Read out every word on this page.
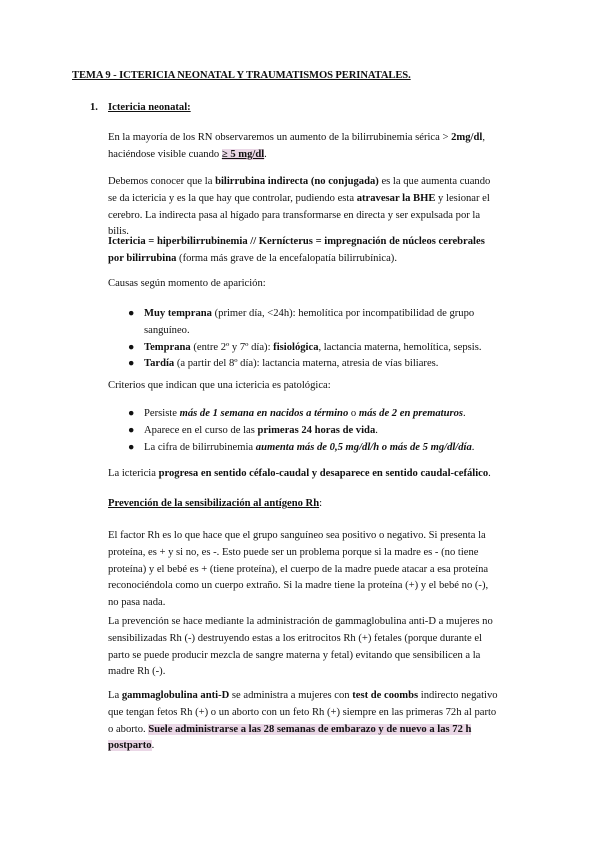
TEMA 9 - ICTERICIA NEONATAL Y TRAUMATISMOS PERINATALES.
1. Ictericia neonatal:

En la mayoría de los RN observaremos un aumento de la bilirrubinemia sérica > 2mg/dl, haciéndose visible cuando ≥ 5 mg/dl.

Debemos conocer que la bilirrubina indirecta (no conjugada) es la que aumenta cuando se da ictericia y es la que hay que controlar, pudiendo esta atravesar la BHE y lesionar el cerebro. La indirecta pasa al hígado para transformarse en directa y ser expulsada por la bilis.

Ictericia = hiperbilirrubinemia // Kernícterus = impregnación de núcleos cerebrales por bilirrubina (forma más grave de la encefalopatía bilirrubínica).

Causas según momento de aparición:

● Muy temprana (primer día, <24h): hemolítica por incompatibilidad de grupo sanguíneo.
● Temprana (entre 2º y 7º día): fisiológica, lactancia materna, hemolítica, sepsis.
● Tardía (a partir del 8º día): lactancia materna, atresia de vías biliares.

Criterios que indican que una ictericia es patológica:

● Persiste más de 1 semana en nacidos a término o más de 2 en prematuros.
● Aparece en el curso de las primeras 24 horas de vida.
● La cifra de bilirrubinemia aumenta más de 0,5 mg/dl/h o más de 5 mg/dl/día.

La ictericia progresa en sentido céfalo-caudal y desaparece en sentido caudal-cefálico.

Prevención de la sensibilización al antígeno Rh:

El factor Rh es lo que hace que el grupo sanguíneo sea positivo o negativo. Si presenta la proteína, es + y si no, es -. Esto puede ser un problema porque si la madre es - (no tiene proteína) y el bebé es + (tiene proteína), el cuerpo de la madre puede atacar a esa proteína reconociéndola como un cuerpo extraño. Si la madre tiene la proteína (+) y el bebé no (-), no pasa nada.

La prevención se hace mediante la administración de gammaglobulina anti-D a mujeres no sensibilizadas Rh (-) destruyendo estas a los eritrocitos Rh (+) fetales (porque durante el parto se puede producir mezcla de sangre materna y fetal) evitando que sensibilicen a la madre Rh (-).

La gammaglobulina anti-D se administra a mujeres con test de coombs indirecto negativo que tengan fetos Rh (+) o un aborto con un feto Rh (+) siempre en las primeras 72h al parto o aborto. Suele administrarse a las 28 semanas de embarazo y de nuevo a las 72 h postparto.
